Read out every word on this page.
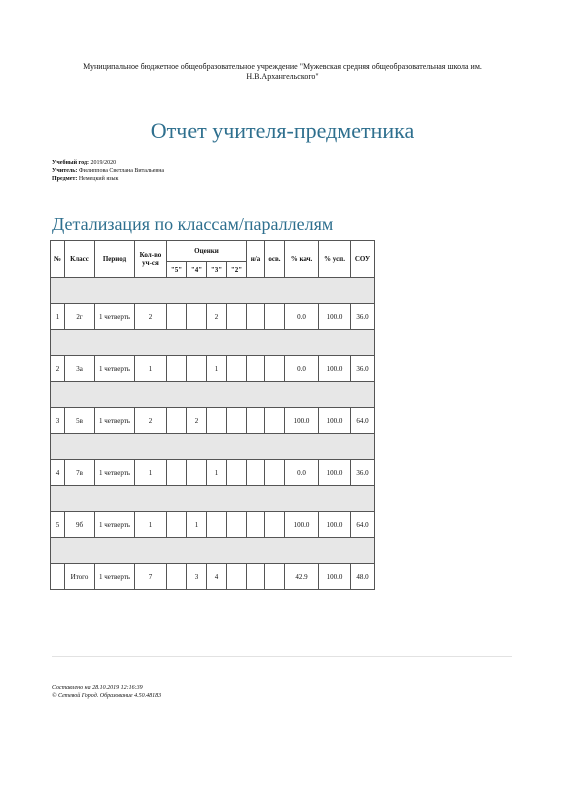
Муниципальное бюджетное общеобразовательное учреждение "Мужевская средняя общеобразовательная школа им.
Н.В.Архангельского"
Отчет учителя-предметника
Учебный год: 2019/2020
Учитель: Филиппова Светлана Витальевна
Предмет: Немецкий язык
Детализация по классам/параллелям
№	Класс	Период	Кол-во уч-ся	Оценки				н/а	осв.	% кач.	% усп.	СОУ
				"5"	"4"	"3"	"2"					

1	2г	1 четверть	2			2				0.0	100.0	36.0

2	3а	1 четверть	1			1				0.0	100.0	36.0

3	5в	1 четверть	2		2					100.0	100.0	64.0

4	7в	1 четверть	1			1				0.0	100.0	36.0

5	9б	1 четверть	1		1					100.0	100.0	64.0

	Итого	1 четверть	7		3	4				42.9	100.0	48.0
Составлено на 28.10.2019 12:16:39
© Сетевой Город. Образование 4.50.48183
